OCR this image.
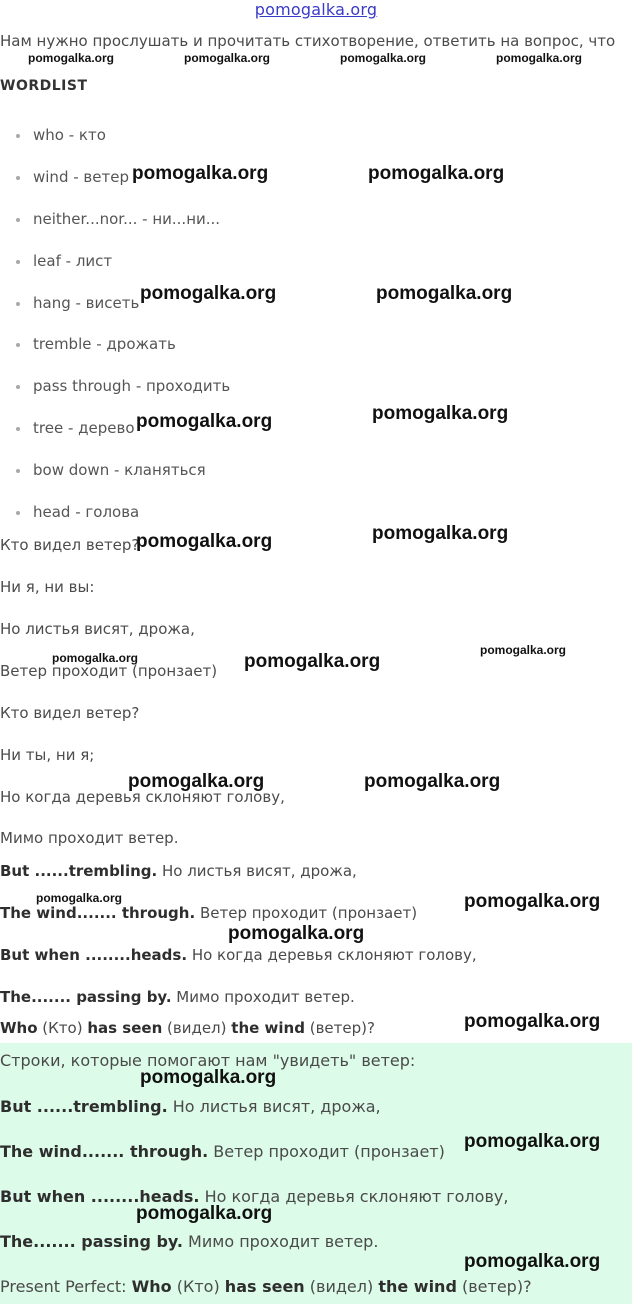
pomogalka.org
Нам нужно прослушать и прочитать стихотворение, ответить на вопрос, что
WORDLIST
who - кто
wind - ветер
neither...nor... - ни...ни...
leaf - лист
hang - висеть
tremble - дрожать
pass through - проходить
tree - дерево
bow down - кланяться
head - голова
Кто видел ветер?
Ни я, ни вы:
Но листья висят, дрожа,
Ветер проходит (пронзает)
Кто видел ветер?
Ни ты, ни я;
Но когда деревья склоняют голову,
Мимо проходит ветер.
But ......trembling. Но листья висят, дрожа,
The wind....... through. Ветер проходит (пронзает)
But when ........heads. Но когда деревья склоняют голову,
The....... passing by. Мимо проходит ветер.
Who (Кто) has seen (видел) the wind (ветер)?
Строки, которые помогают нам "увидеть" ветер:
But ......trembling. Но листья висят, дрожа,
The wind....... through. Ветер проходит (пронзает)
But when ........heads. Но когда деревья склоняют голову,
The....... passing by. Мимо проходит ветер.
Present Perfect: Who (Кто) has seen (видел) the wind (ветер)?
pomogalka.org	pomogalka.org	pomogalka.org	pomogalka.org
pomogalka.org	pomogalka.org
pomogalka.org	pomogalka.org
pomogalka.org
pomogalka.org
pomogalka.org
pomogalka.org
pomogalka.org
pomogalka.org	pomogalka.org
pomogalka.org	pomogalka.org
pomogalka.org	pomogalka.org
pomogalka.org
pomogalka.org
pomogalka.org
pomogalka.org
pomogalka.org
pomogalka.org
